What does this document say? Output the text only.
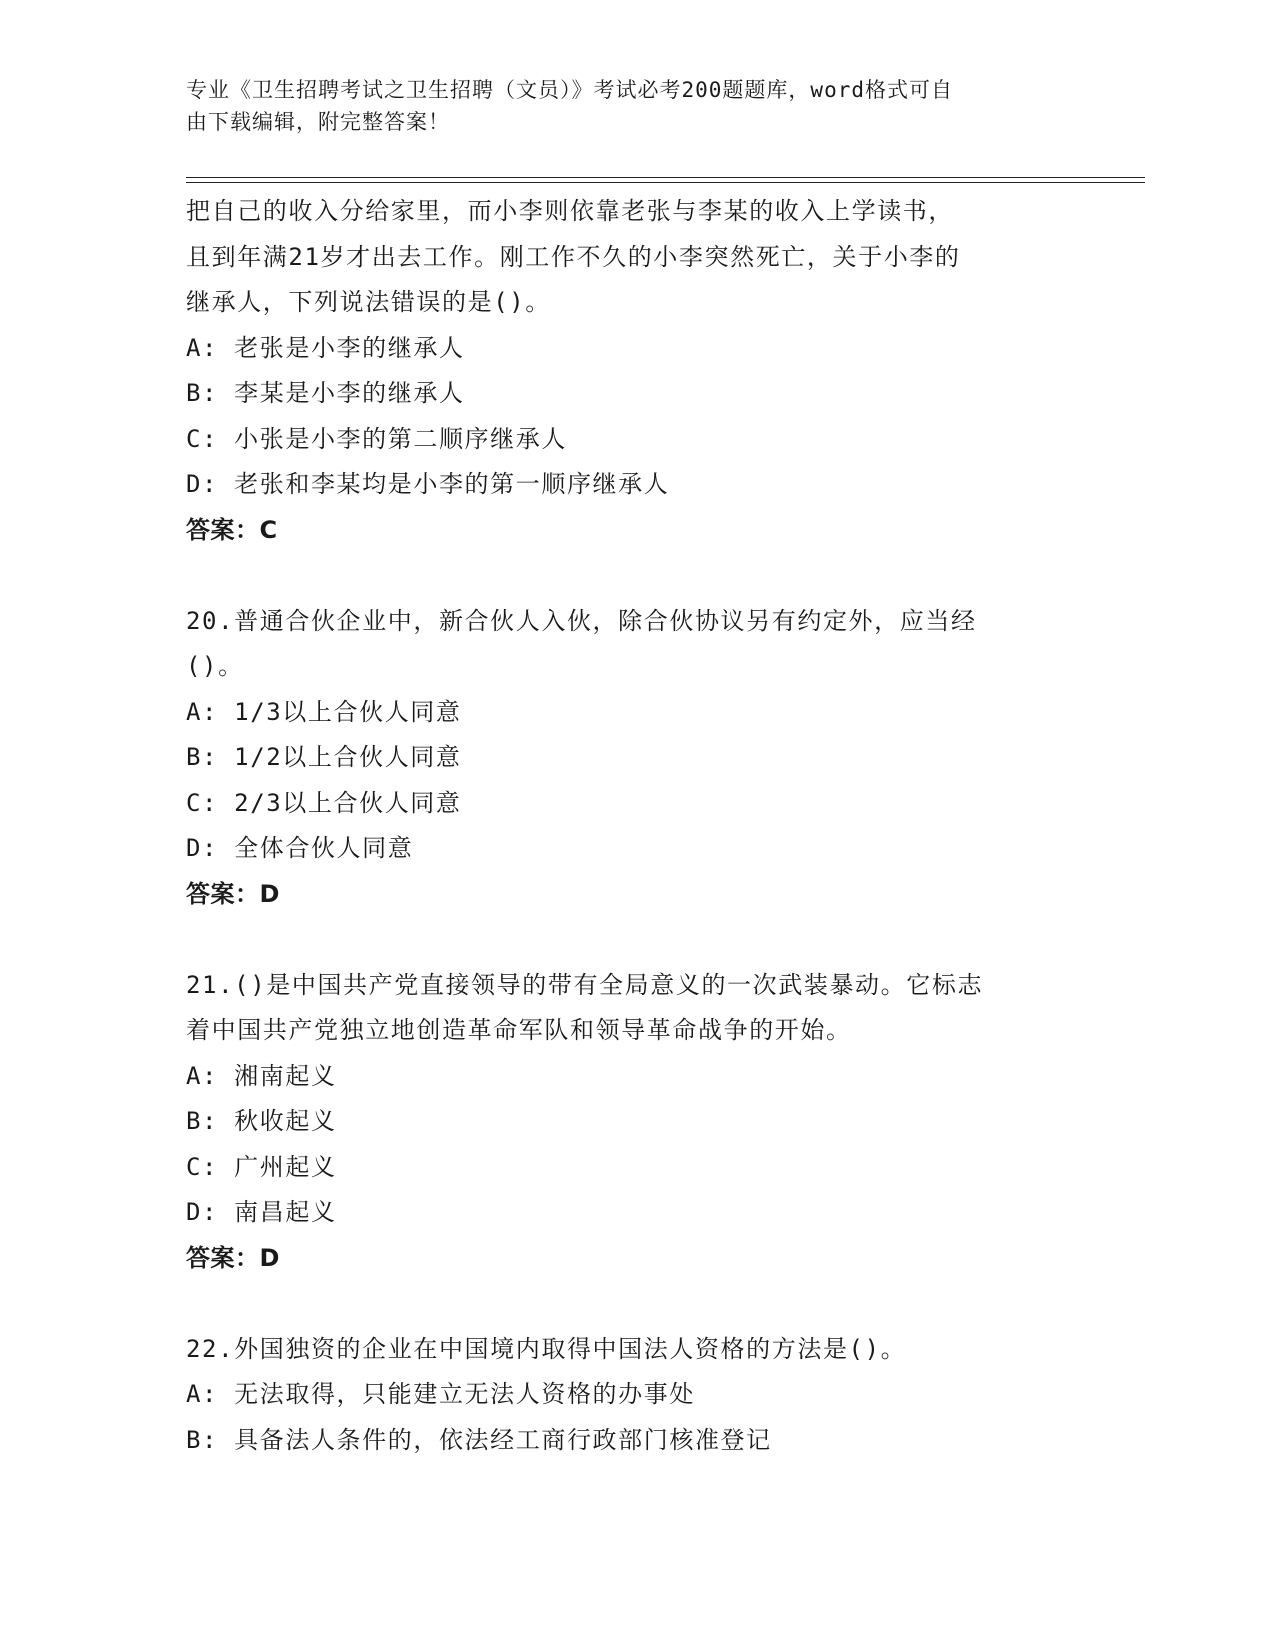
专业《卫生招聘考试之卫生招聘（文员）》考试必考200题题库，word格式可自
由下载编辑，附完整答案！
把自己的收入分给家里，而小李则依靠老张与李某的收入上学读书，
且到年满21岁才出去工作。刚工作不久的小李突然死亡，关于小李的
继承人，下列说法错误的是()。
A: 老张是小李的继承人
B: 李某是小李的继承人
C: 小张是小李的第二顺序继承人
D: 老张和李某均是小李的第一顺序继承人
答案：C
20.普通合伙企业中，新合伙人入伙，除合伙协议另有约定外，应当经
()。
A: 1/3以上合伙人同意
B: 1/2以上合伙人同意
C: 2/3以上合伙人同意
D: 全体合伙人同意
答案：D
21.()是中国共产党直接领导的带有全局意义的一次武装暴动。它标志
着中国共产党独立地创造革命军队和领导革命战争的开始。
A: 湘南起义
B: 秋收起义
C: 广州起义
D: 南昌起义
答案：D
22.外国独资的企业在中国境内取得中国法人资格的方法是()。
A: 无法取得，只能建立无法人资格的办事处
B: 具备法人条件的，依法经工商行政部门核准登记
